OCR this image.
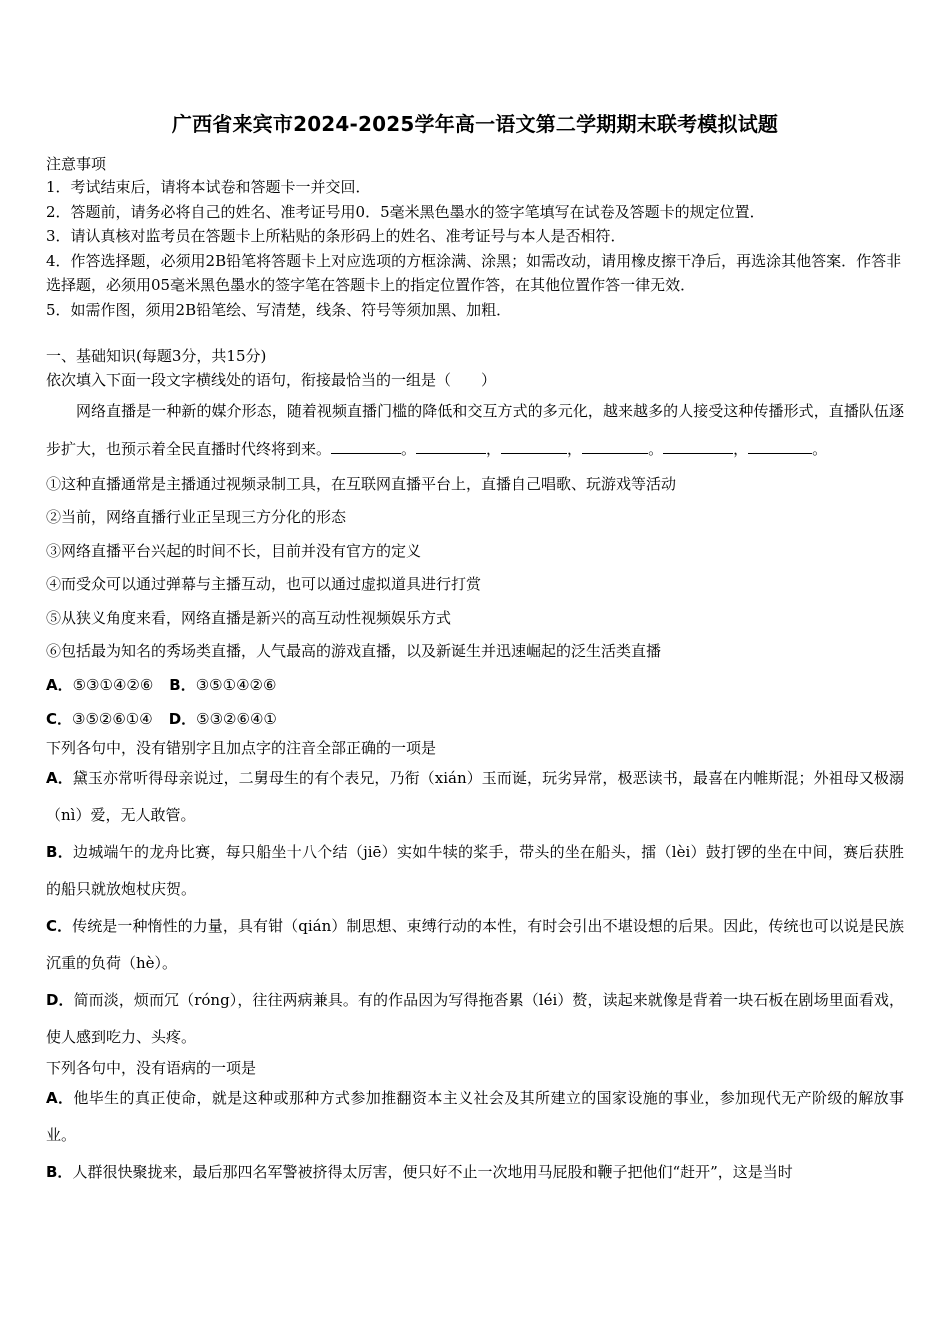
广西省来宾市2024-2025学年高一语文第二学期期末联考模拟试题

注意事项

1．考试结束后，请将本试卷和答题卡一并交回．

2．答题前，请务必将自己的姓名、准考证号用0．5毫米黑色墨水的签字笔填写在试卷及答题卡的规定位置．

3．请认真核对监考员在答题卡上所粘贴的条形码上的姓名、准考证号与本人是否相符．

4．作答选择题，必须用2B铅笔将答题卡上对应选项的方框涂满、涂黑；如需改动，请用橡皮擦干净后，再选涂其他答案．作答非选择题，必须用05毫米黑色墨水的签字笔在答题卡上的指定位置作答，在其他位置作答一律无效．

5．如需作图，须用2B铅笔绘、写清楚，线条、符号等须加黑、加粗．

一、基础知识(每题3分，共15分)

依次填入下面一段文字横线处的语句，衔接最恰当的一组是（　　）

网络直播是一种新的媒介形态，随着视频直播门槛的降低和交互方式的多元化，越来越多的人接受这种传播形式，直播队伍逐步扩大，也预示着全民直播时代终将到来。	。	，	，	。	，	。

①这种直播通常是主播通过视频录制工具，在互联网直播平台上，直播自己唱歌、玩游戏等活动

②当前，网络直播行业正呈现三方分化的形态

③网络直播平台兴起的时间不长，目前并没有官方的定义

④而受众可以通过弹幕与主播互动，也可以通过虚拟道具进行打赏

⑤从狭义角度来看，网络直播是新兴的高互动性视频娱乐方式

⑥包括最为知名的秀场类直播，人气最高的游戏直播，以及新诞生并迅速崛起的泛生活类直播

A．⑤③①④②⑥ B．③⑤①④②⑥

C．③⑤②⑥①④ D．⑤③②⑥④①

下列各句中，没有错别字且加点字的注音全部正确的一项是

A．黛玉亦常听得母亲说过，二舅母生的有个表兄，乃衔（xián）玉而诞，玩劣异常，极恶读书，最喜在内帷斯混；外祖母又极溺（nì）爱，无人敢管。

B．边城端午的龙舟比赛，每只船坐十八个结（jiē）实如牛犊的桨手，带头的坐在船头，擂（lèi）鼓打锣的坐在中间，赛后获胜的船只就放炮杖庆贺。

C．传统是一种惰性的力量，具有钳（qián）制思想、束缚行动的本性，有时会引出不堪设想的后果。因此，传统也可以说是民族沉重的负荷（hè）。

D．简而淡，烦而冗（róng），往往两病兼具。有的作品因为写得拖沓累（léi）赘，读起来就像是背着一块石板在剧场里面看戏，使人感到吃力、头疼。

下列各句中，没有语病的一项是

A．他毕生的真正使命，就是这种或那种方式参加推翻资本主义社会及其所建立的国家设施的事业，参加现代无产阶级的解放事业。

B．人群很快聚拢来，最后那四名军警被挤得太厉害，便只好不止一次地用马屁股和鞭子把他们“赶开”，这是当时
